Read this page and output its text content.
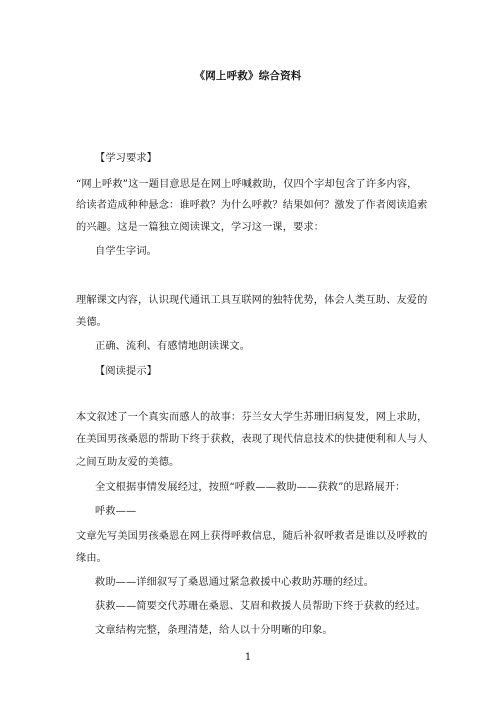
《网上呼救》综合资料
【学习要求】
“网上呼救”这一题目意思是在网上呼喊救助，仅四个字却包含了许多内容，
给读者造成种种悬念：谁呼救？为什么呼救？结果如何？激发了作者阅读追索
的兴趣。这是一篇独立阅读课文，学习这一课，要求：
自学生字词。
理解课文内容，认识现代通讯工具互联网的独特优势，体会人类互助、友爱的
美德。
正确、流利、有感情地朗读课文。
【阅读提示】
本文叙述了一个真实而感人的故事：芬兰女大学生苏珊旧病复发，网上求助，
在美国男孩桑恩的帮助下终于获救，表现了现代信息技术的快捷便利和人与人
之间互助友爱的美德。
全文根据事情发展经过，按照“呼救——救助——获救”的思路展开：
呼救——
文章先写美国男孩桑恩在网上获得呼救信息，随后补叙呼救者是谁以及呼救的
缘由。
救助——详细叙写了桑恩通过紧急救援中心救助苏珊的经过。
获救——简要交代苏珊在桑恩、艾眉和救援人员帮助下终于获救的经过。
文章结构完整，条理清楚，给人以十分明晰的印象。
1
